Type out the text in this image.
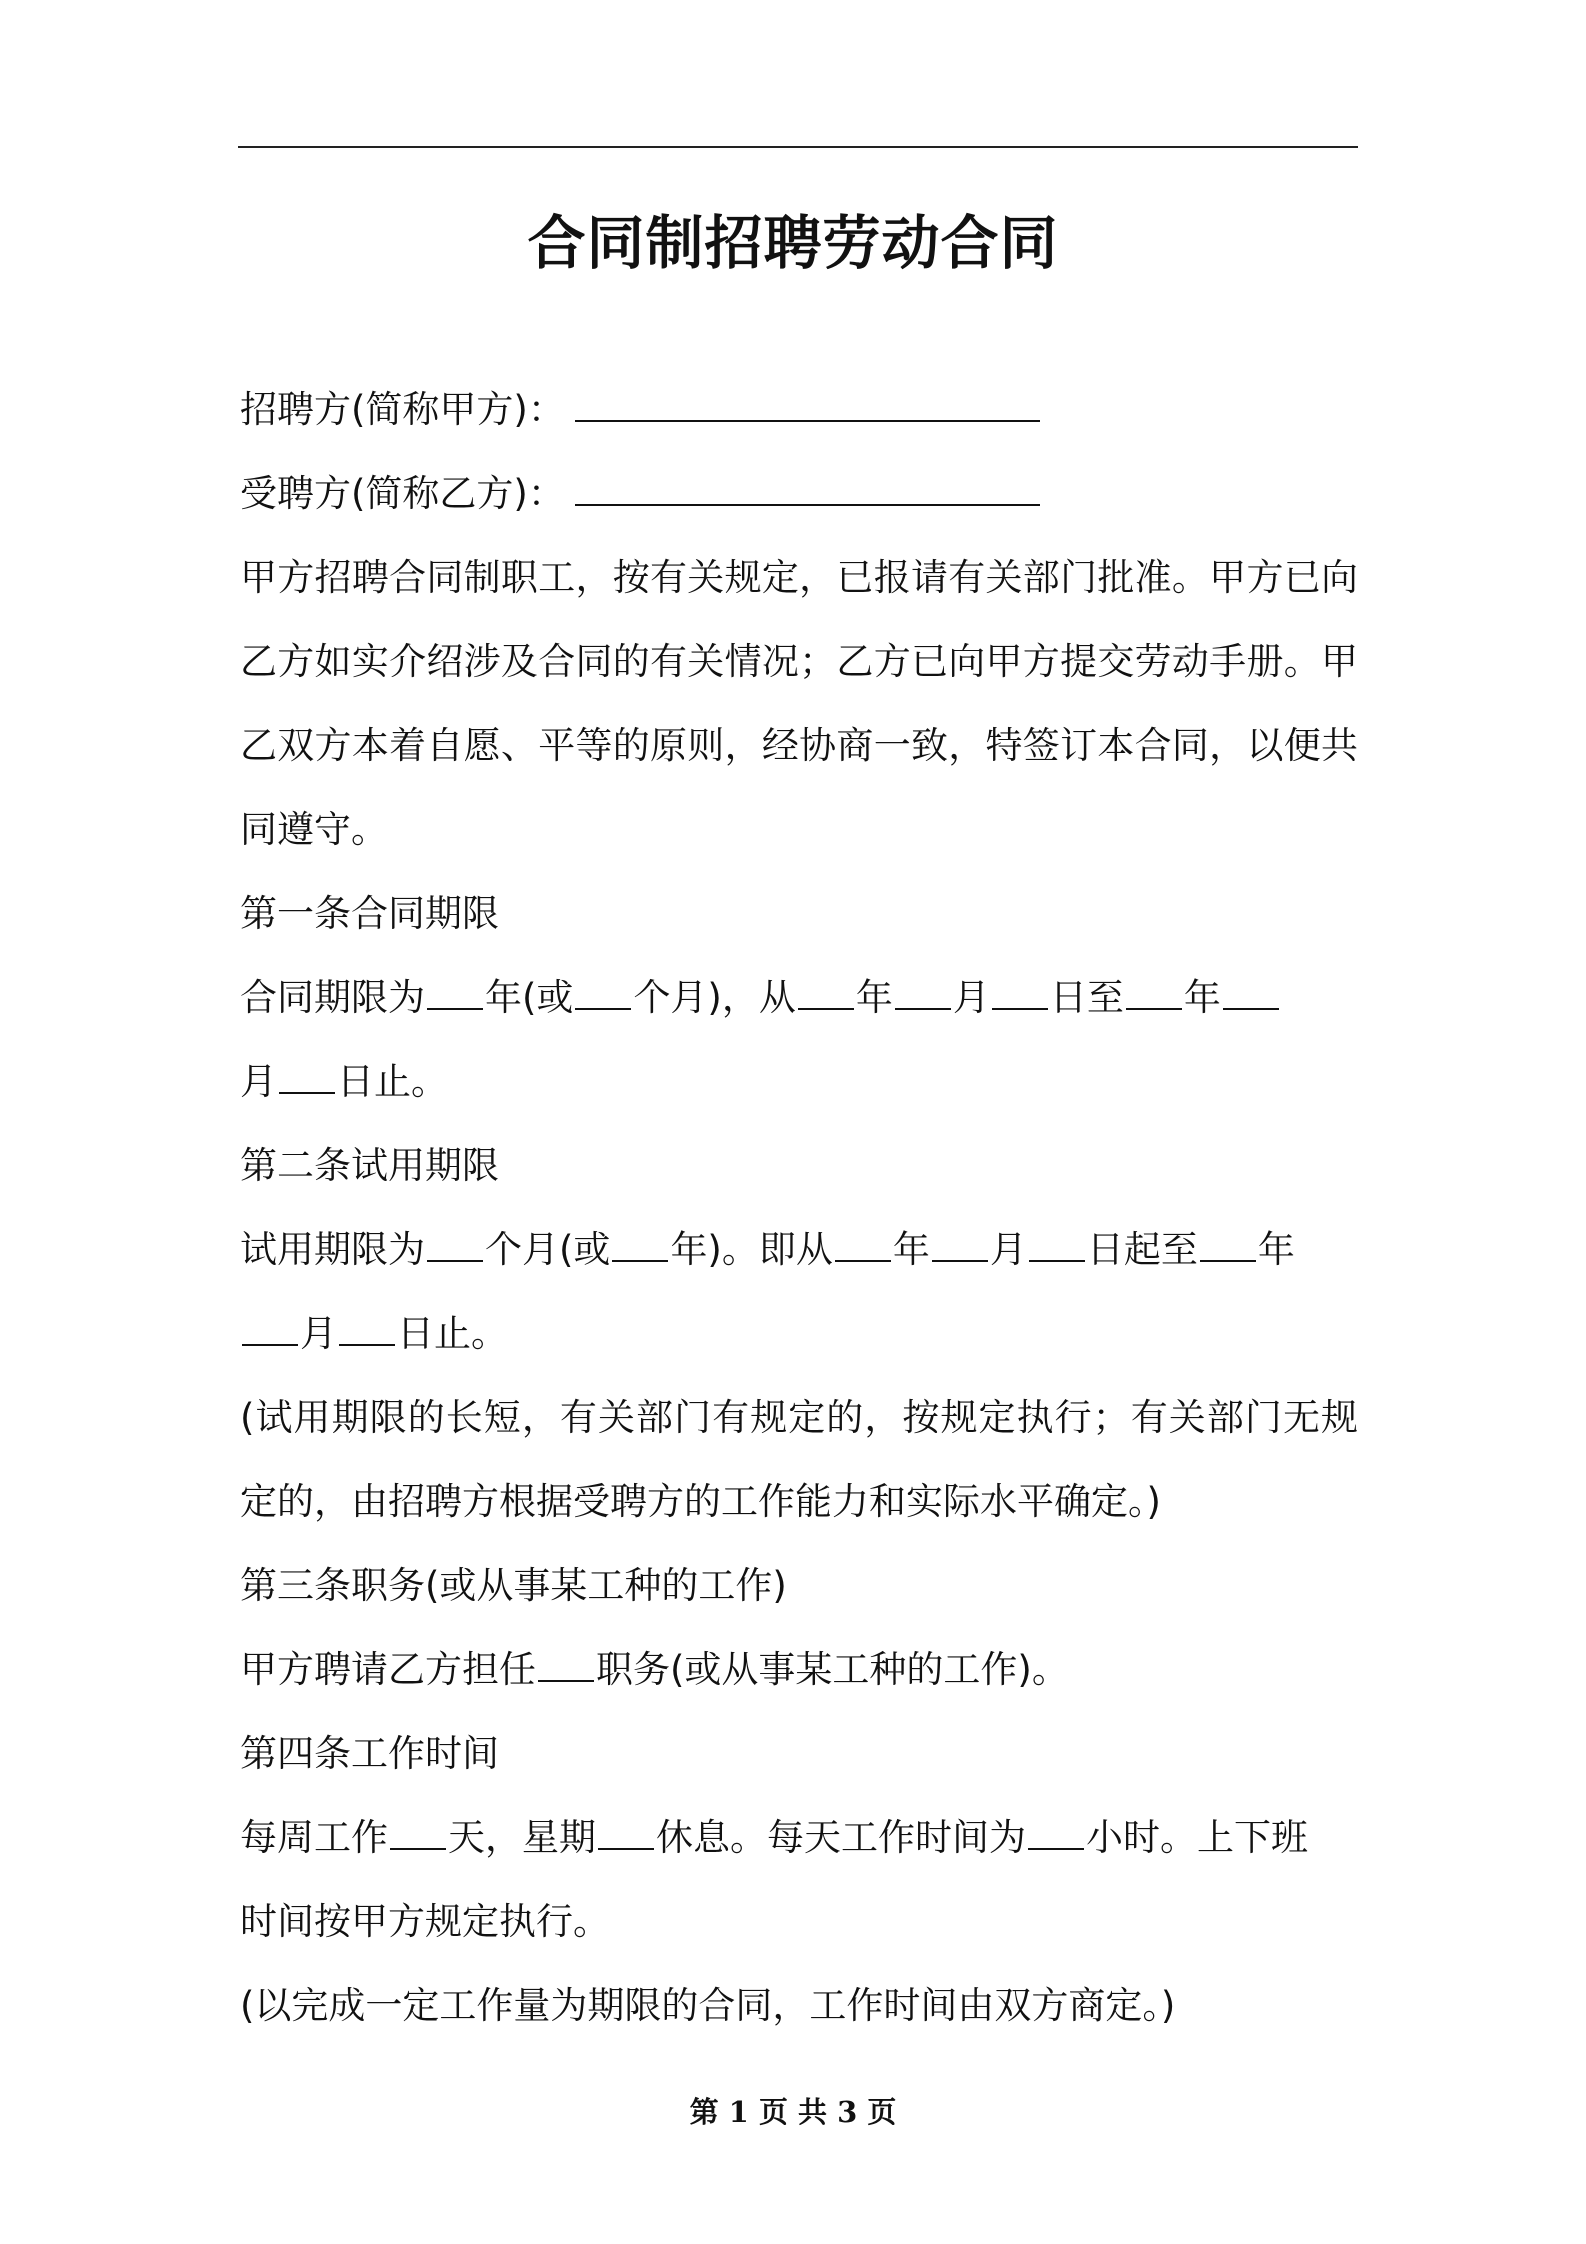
合同制招聘劳动合同
招聘方(简称甲方)：
受聘方(简称乙方)：
甲方招聘合同制职工，按有关规定，已报请有关部门批准。甲方已向
乙方如实介绍涉及合同的有关情况；乙方已向甲方提交劳动手册。甲
乙双方本着自愿、平等的原则，经协商一致，特签订本合同，以便共
同遵守。
第一条合同期限
合同期限为 年(或 个月)，从 年 月 日至 年
月 日止。
第二条试用期限
试用期限为 个月(或 年)。即从 年 月 日起至 年
月 日止。
(试用期限的长短，有关部门有规定的，按规定执行；有关部门无规
定的，由招聘方根据受聘方的工作能力和实际水平确定。)
第三条职务(或从事某工种的工作)
甲方聘请乙方担任 职务(或从事某工种的工作)。
第四条工作时间
每周工作 天，星期 休息。每天工作时间为 小时。上下班
时间按甲方规定执行。
(以完成一定工作量为期限的合同，工作时间由双方商定。)
第 1 页 共 3 页
